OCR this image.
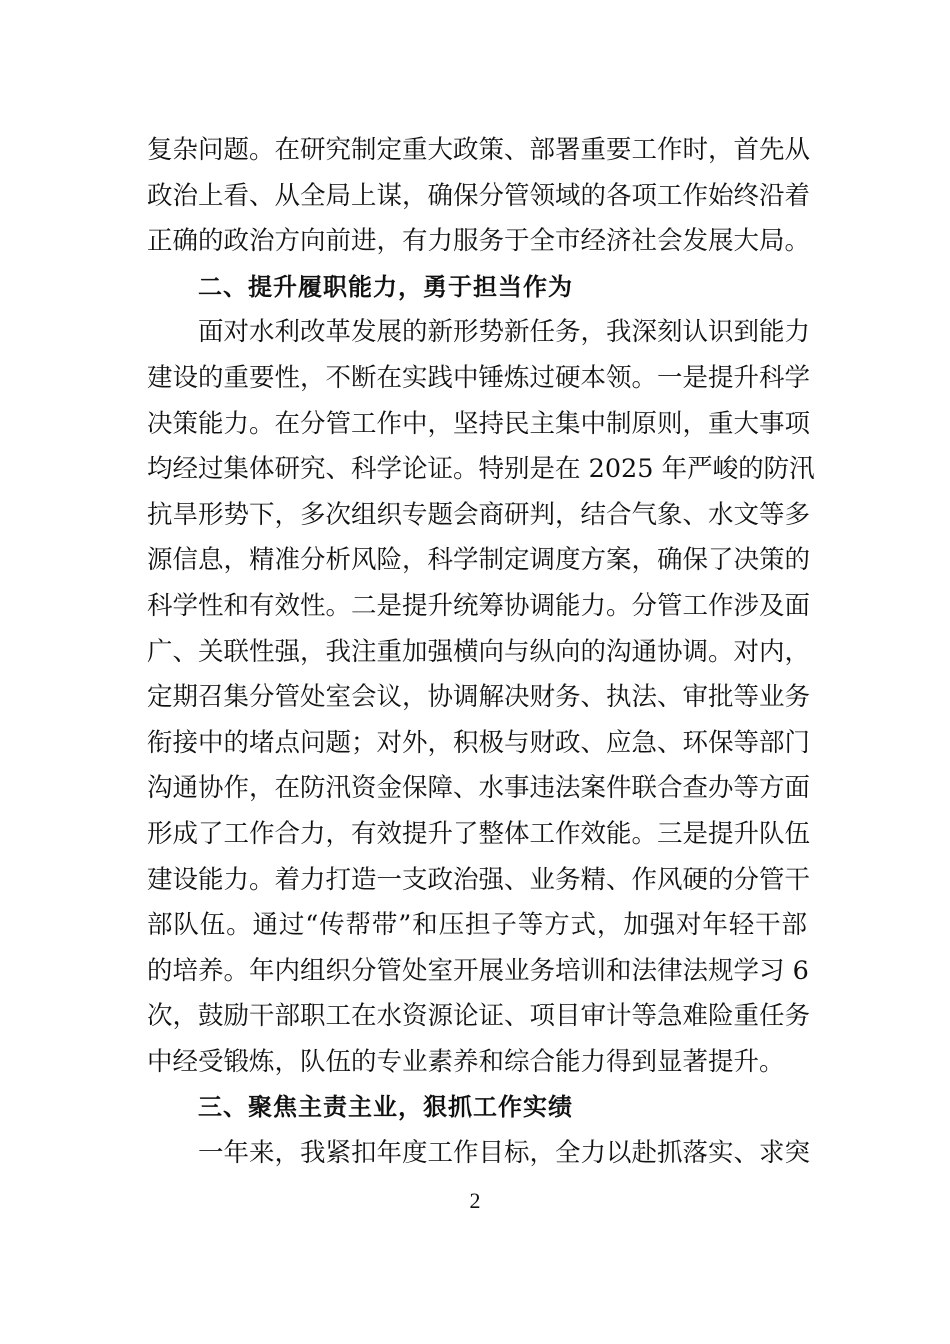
复杂问题。在研究制定重大政策、部署重要工作时，首先从
政治上看、从全局上谋，确保分管领域的各项工作始终沿着
正确的政治方向前进，有力服务于全市经济社会发展大局。
二、提升履职能力，勇于担当作为
面对水利改革发展的新形势新任务，我深刻认识到能力
建设的重要性，不断在实践中锤炼过硬本领。一是提升科学
决策能力。在分管工作中，坚持民主集中制原则，重大事项
均经过集体研究、科学论证。特别是在 2025 年严峻的防汛
抗旱形势下，多次组织专题会商研判，结合气象、水文等多
源信息，精准分析风险，科学制定调度方案，确保了决策的
科学性和有效性。二是提升统筹协调能力。分管工作涉及面
广、关联性强，我注重加强横向与纵向的沟通协调。对内，
定期召集分管处室会议，协调解决财务、执法、审批等业务
衔接中的堵点问题；对外，积极与财政、应急、环保等部门
沟通协作，在防汛资金保障、水事违法案件联合查办等方面
形成了工作合力，有效提升了整体工作效能。三是提升队伍
建设能力。着力打造一支政治强、业务精、作风硬的分管干
部队伍。通过“传帮带”和压担子等方式，加强对年轻干部
的培养。年内组织分管处室开展业务培训和法律法规学习 6
次，鼓励干部职工在水资源论证、项目审计等急难险重任务
中经受锻炼，队伍的专业素养和综合能力得到显著提升。
三、聚焦主责主业，狠抓工作实绩
一年来，我紧扣年度工作目标，全力以赴抓落实、求突
2
